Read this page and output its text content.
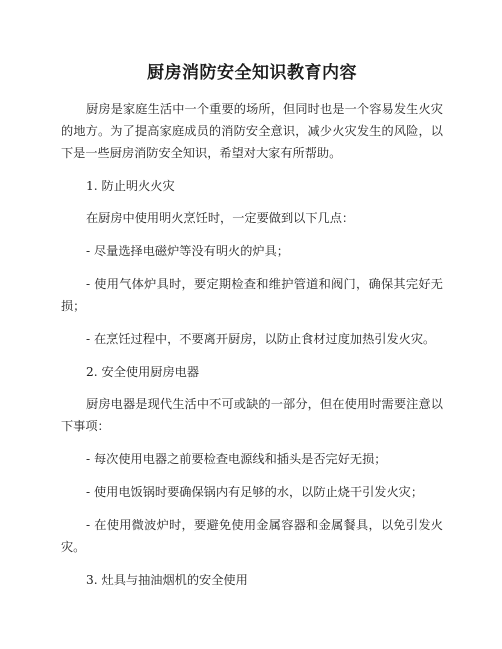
厨房消防安全知识教育内容

厨房是家庭生活中一个重要的场所，但同时也是一个容易发生火灾的地方。为了提高家庭成员的消防安全意识，减少火灾发生的风险，以下是一些厨房消防安全知识，希望对大家有所帮助。

1. 防止明火火灾

在厨房中使用明火烹饪时，一定要做到以下几点：

- 尽量选择电磁炉等没有明火的炉具；

- 使用气体炉具时，要定期检查和维护管道和阀门，确保其完好无损；

- 在烹饪过程中，不要离开厨房，以防止食材过度加热引发火灾。

2. 安全使用厨房电器

厨房电器是现代生活中不可或缺的一部分，但在使用时需要注意以下事项：

- 每次使用电器之前要检查电源线和插头是否完好无损；

- 使用电饭锅时要确保锅内有足够的水，以防止烧干引发火灾；

- 在使用微波炉时，要避免使用金属容器和金属餐具，以免引发火灾。

3. 灶具与抽油烟机的安全使用
